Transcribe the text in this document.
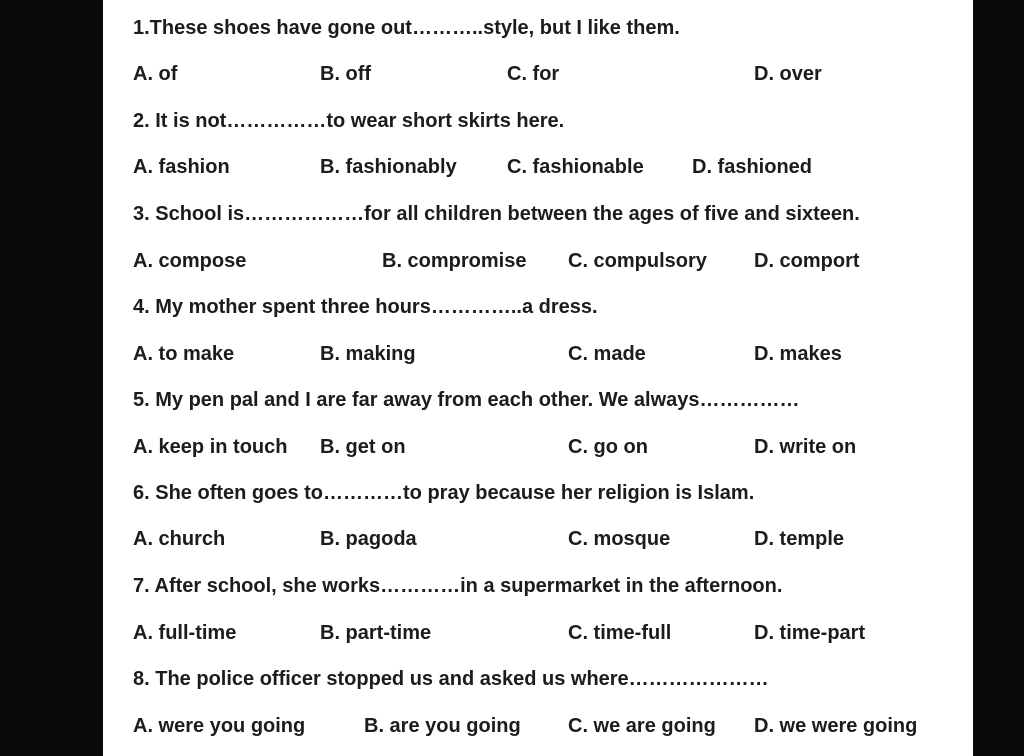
1.These shoes have gone out………..style, but I like them.
A. of	B. off	C. for	D. over
2. It is not……………to wear short skirts here.
A. fashion	B. fashionably	C. fashionable D. fashioned
3. School is………………for all children between the ages of five and sixteen.
A. compose	B. compromise C. compulsory D. comport
4. My mother spent three hours…………..a dress.
A. to make	B. making	C. made	D. makes
5. My pen pal and I are far away from each other. We always……………
A. keep in touch B. get on	C. go on	D. write on
6. She often goes to…………to pray because her religion is Islam.
A. church	B. pagoda	C. mosque	D. temple
7. After school, she works…………in a supermarket in the afternoon.
A. full-time	B. part-time	C. time-full	D. time-part
8. The police officer stopped us and asked us where…………………
A. were you going	B. are you going C. we are going D. we were going
